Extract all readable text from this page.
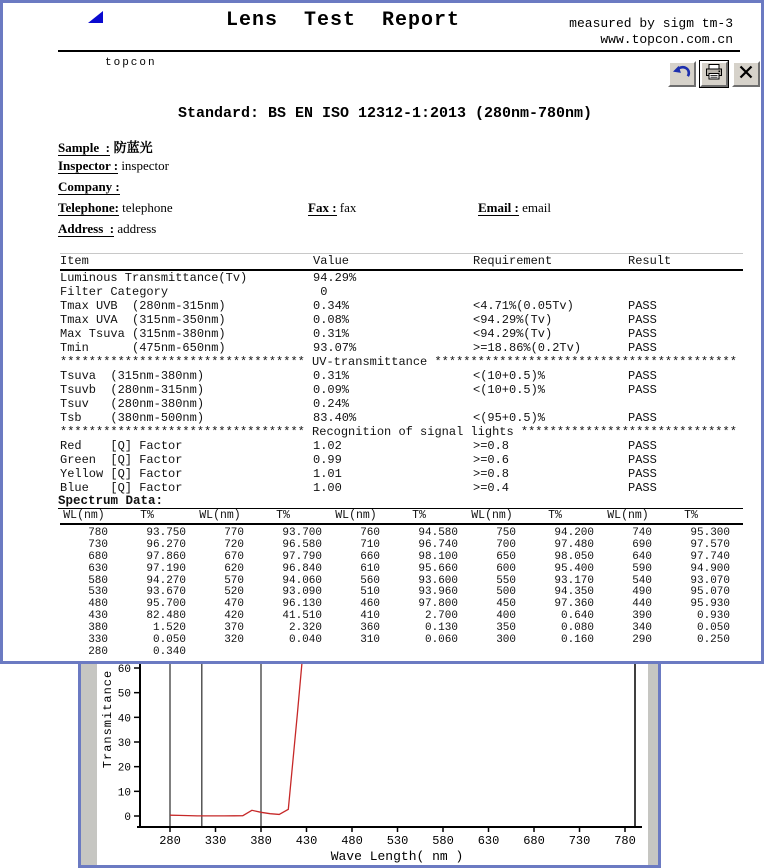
Lens  Test  Report	measured by sigm tm-3
www.topcon.com.cn
topcon
Standard: BS EN ISO 12312-1:2013 (280nm-780nm)
Sample  : 防蓝光
Inspector : inspector
Company :
Telephone: telephone	Fax : fax	Email : email
Address  : address
Item	Value	Requirement	Result
Luminous Transmittance(Tv)	94.29%
Filter Category	0
Tmax UVB  (280nm-315nm)	0.34%	<4.71%(0.05Tv)	PASS
Tmax UVA  (315nm-350nm)	0.08%	<94.29%(Tv)	PASS
Max Tsuva (315nm-380nm)	0.31%	<94.29%(Tv)	PASS
Tmin      (475nm-650nm)	93.07%	>=18.86%(0.2Tv)	PASS
********************************** UV-transmittance ******************************************
Tsuva  (315nm-380nm)	0.31%	<(10+0.5)%	PASS
Tsuvb  (280nm-315nm)	0.09%	<(10+0.5)%	PASS
Tsuv   (280nm-380nm)	0.24%
Tsb    (380nm-500nm)	83.40%	<(95+0.5)%	PASS
********************************** Recognition of signal lights ******************************
Red    [Q] Factor	1.02	>=0.8	PASS
Green  [Q] Factor	0.99	>=0.6	PASS
Yellow [Q] Factor	1.01	>=0.8	PASS
Blue   [Q] Factor	1.00	>=0.4	PASS
Spectrum Data:
WL(nm)	T%	WL(nm)	T%	WL(nm)	T%	WL(nm)	T%	WL(nm)	T%
780	93.750	770	93.700	760	94.580	750	94.200	740	95.300
730	96.270	720	96.580	710	96.740	700	97.480	690	97.570
680	97.860	670	97.790	660	98.100	650	98.050	640	97.740
630	97.190	620	96.840	610	95.660	600	95.400	590	94.900
580	94.270	570	94.060	560	93.600	550	93.170	540	93.070
530	93.670	520	93.090	510	93.960	500	94.350	490	95.070
480	95.700	470	96.130	460	97.800	450	97.360	440	95.930
430	82.480	420	41.510	410	2.700	400	0.640	390	0.930
380	1.520	370	2.320	360	0.130	350	0.080	340	0.050
330	0.050	320	0.040	310	0.060	300	0.160	290	0.250
280	0.340
280 330 380 430 480 530 580 630 680 730 780
0
10
20
30
40
50
60
Wave Length( nm )
Transmitance
